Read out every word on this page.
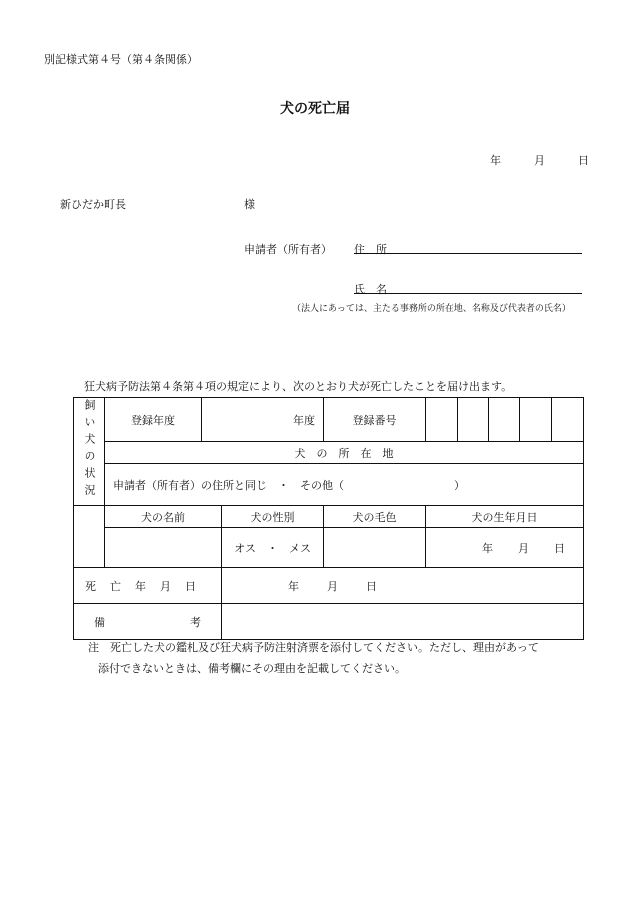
別記様式第４号（第４条関係）
犬の死亡届
年	月	日
新ひだか町長	様
申請者（所有者） 住　所
氏　名
（法人にあっては、主たる事務所の所在地、名称及び代表者の氏名）
狂犬病予防法第４条第４項の規定により、次のとおり犬が死亡したことを届け出ます。
飼い犬の状況	登録年度	年度		登録番号					
	犬　の　所　在　地								
	申請者（所有者）の住所と同じ　・　その他（　　　　　　　　　　）								

	犬の名前		犬の性別	犬の毛色	犬の生年月日				
			オス　・　メス		年 月 日				

死亡年月日			年 月 日						

備 考									

注　死亡した犬の鑑札及び狂犬病予防注射済票を添付してください。ただし、理由があって
添付できないときは、備考欄にその理由を記載してください。
